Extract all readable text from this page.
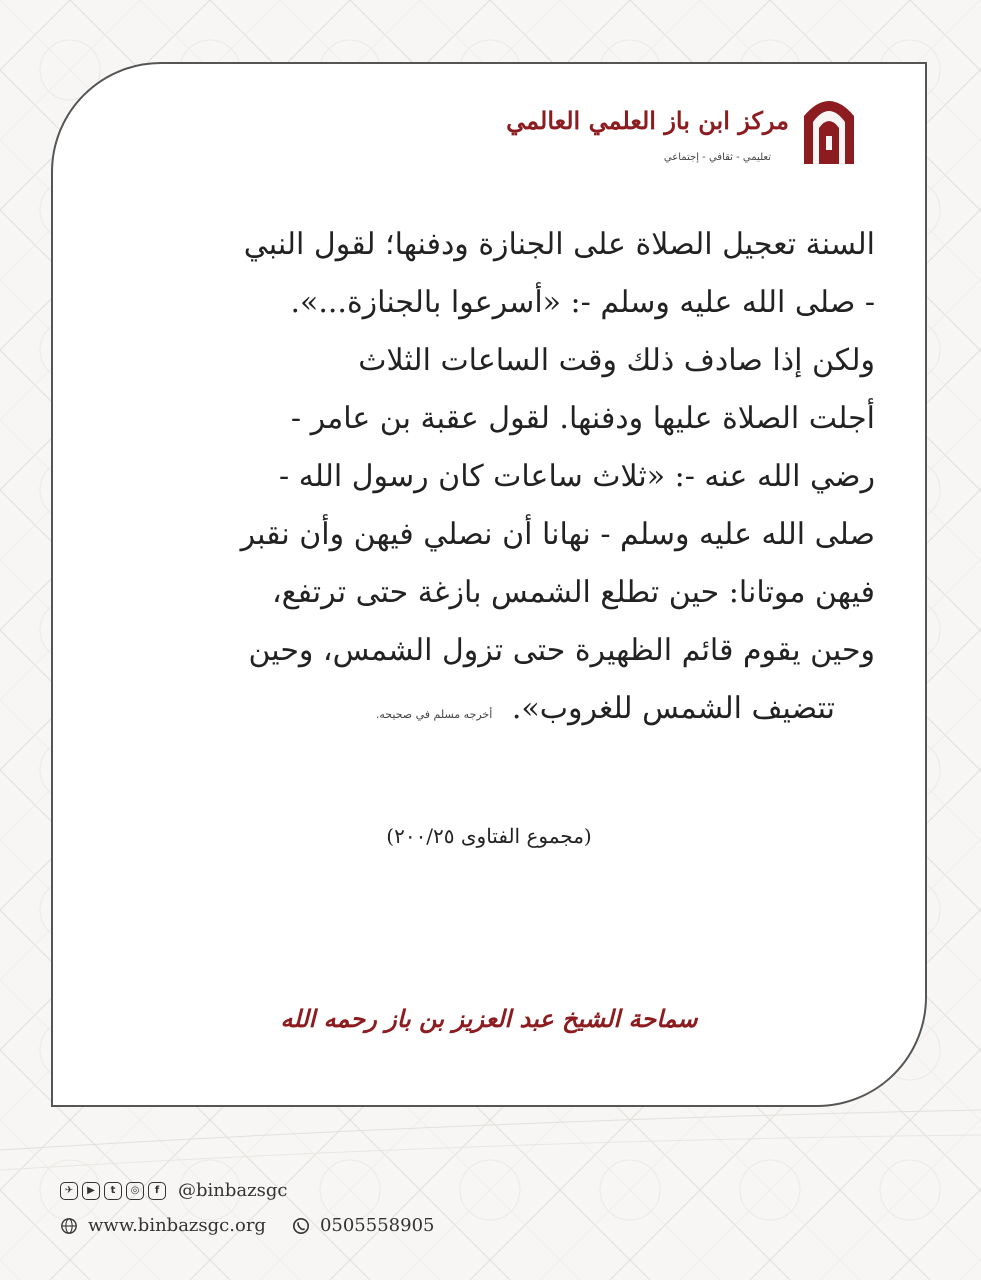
مركز ابن باز العلمي العالمي
تعليمي - ثقافي - إجتماعي
السنة تعجيل الصلاة على الجنازة ودفنها؛ لقول النبي
- صلى الله عليه وسلم -: «أسرعوا بالجنازة...».
ولكن إذا صادف ذلك وقت الساعات الثلاث
أجلت الصلاة عليها ودفنها. لقول عقبة بن عامر -
رضي الله عنه -: «ثلاث ساعات كان رسول الله -
صلى الله عليه وسلم - نهانا أن نصلي فيهن وأن نقبر
فيهن موتانا: حين تطلع الشمس بازغة حتى ترتفع،
وحين يقوم قائم الظهيرة حتى تزول الشمس، وحين
تتضيف الشمس للغروب». أخرجه مسلم في صحيحه.
(مجموع الفتاوى ٢٠٠/٢٥)
سماحة الشيخ عبد العزيز بن باز رحمه الله
✈	▶	t	◎	f	@binbazsgc
www.binbazsgc.org	0505558905
